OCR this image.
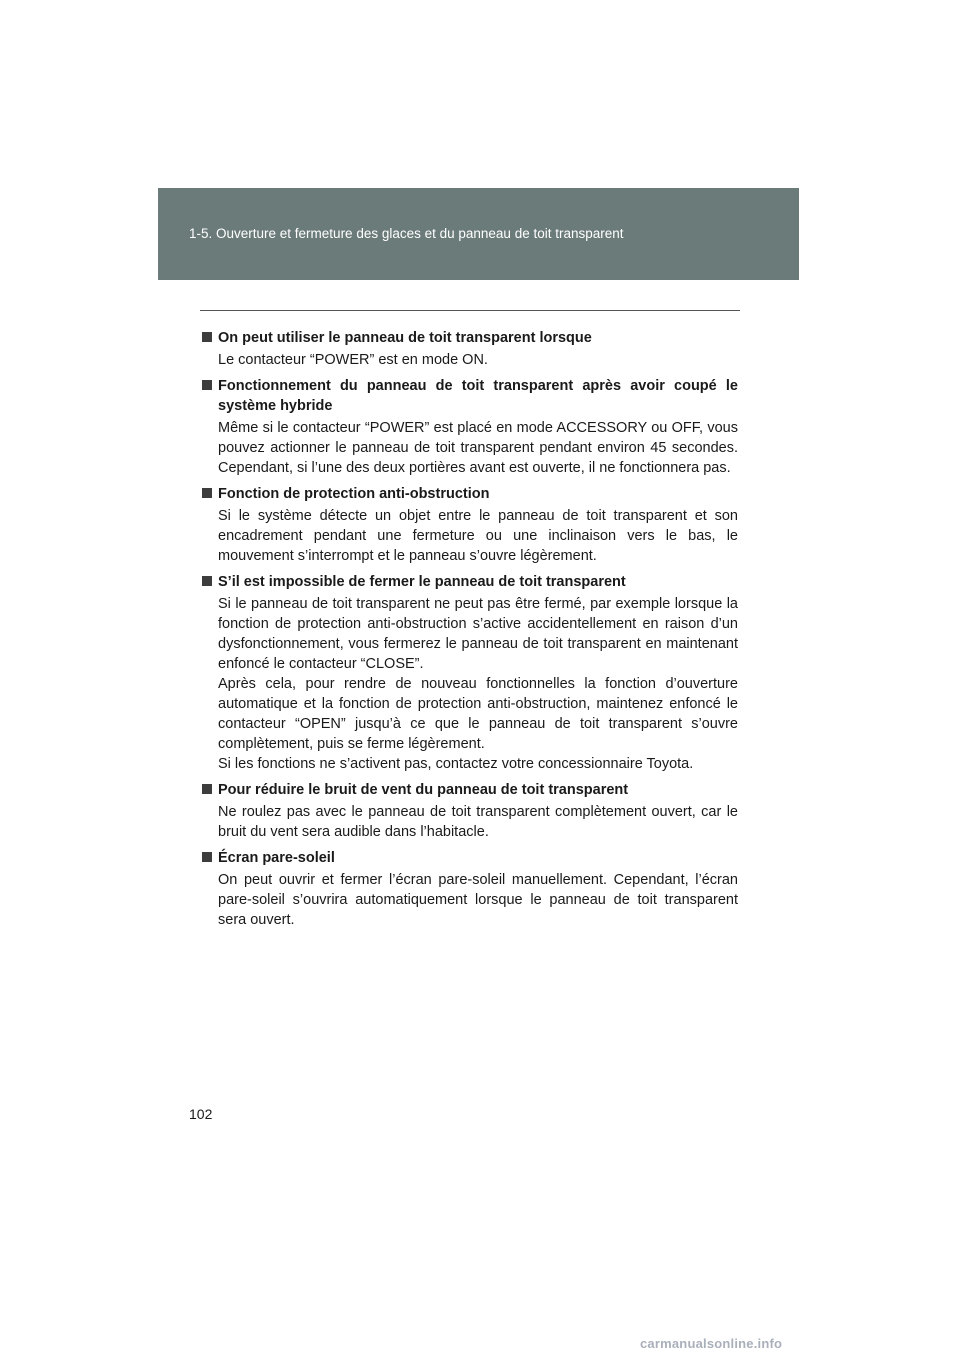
1-5. Ouverture et fermeture des glaces et du panneau de toit transparent
On peut utiliser le panneau de toit transparent lorsque

Le contacteur “POWER” est en mode ON.

Fonctionnement du panneau de toit transparent après avoir coupé le système hybride

Même si le contacteur “POWER” est placé en mode ACCESSORY ou OFF, vous pouvez actionner le panneau de toit transparent pendant environ 45 secondes. Cependant, si l’une des deux portières avant est ouverte, il ne fonctionnera pas.

Fonction de protection anti-obstruction

Si le système détecte un objet entre le panneau de toit transparent et son encadrement pendant une fermeture ou une inclinaison vers le bas, le mouvement s’interrompt et le panneau s’ouvre légèrement.

S’il est impossible de fermer le panneau de toit transparent

Si le panneau de toit transparent ne peut pas être fermé, par exemple lorsque la fonction de protection anti-obstruction s’active accidentellement en raison d’un dysfonctionnement, vous fermerez le panneau de toit transparent en maintenant enfoncé le contacteur “CLOSE”.

Après cela, pour rendre de nouveau fonctionnelles la fonction d’ouverture automatique et la fonction de protection anti-obstruction, maintenez enfoncé le contacteur “OPEN” jusqu’à ce que le panneau de toit transparent s’ouvre complètement, puis se ferme légèrement.

Si les fonctions ne s’activent pas, contactez votre concessionnaire Toyota.

Pour réduire le bruit de vent du panneau de toit transparent

Ne roulez pas avec le panneau de toit transparent complètement ouvert, car le bruit du vent sera audible dans l’habitacle.

Écran pare-soleil

On peut ouvrir et fermer l’écran pare-soleil manuellement. Cependant, l’écran pare-soleil s’ouvrira automatiquement lorsque le panneau de toit transparent sera ouvert.

102
carmanualsonline.info
